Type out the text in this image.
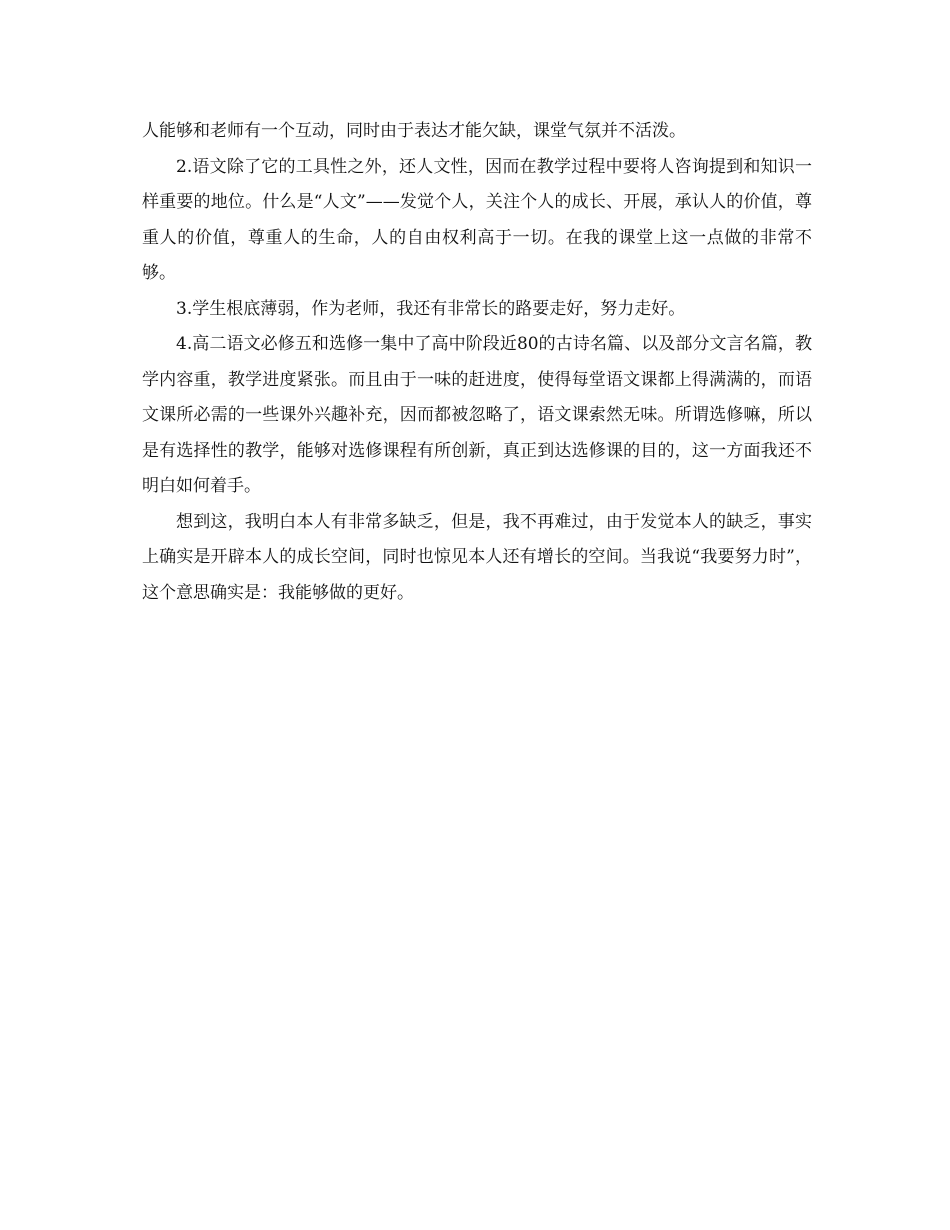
人能够和老师有一个互动，同时由于表达才能欠缺，课堂气氛并不活泼。

2.语文除了它的工具性之外，还人文性，因而在教学过程中要将人咨询提到和知识一样重要的地位。什么是“人文”——发觉个人，关注个人的成长、开展，承认人的价值，尊重人的价值，尊重人的生命，人的自由权利高于一切。在我的课堂上这一点做的非常不够。

3.学生根底薄弱，作为老师，我还有非常长的路要走好，努力走好。

4.高二语文必修五和选修一集中了高中阶段近80的古诗名篇、以及部分文言名篇，教学内容重，教学进度紧张。而且由于一味的赶进度，使得每堂语文课都上得满满的，而语文课所必需的一些课外兴趣补充，因而都被忽略了，语文课索然无味。所谓选修嘛，所以是有选择性的教学，能够对选修课程有所创新，真正到达选修课的目的，这一方面我还不明白如何着手。

想到这，我明白本人有非常多缺乏，但是，我不再难过，由于发觉本人的缺乏，事实上确实是开辟本人的成长空间，同时也惊见本人还有增长的空间。当我说“我要努力时”，这个意思确实是：我能够做的更好。
